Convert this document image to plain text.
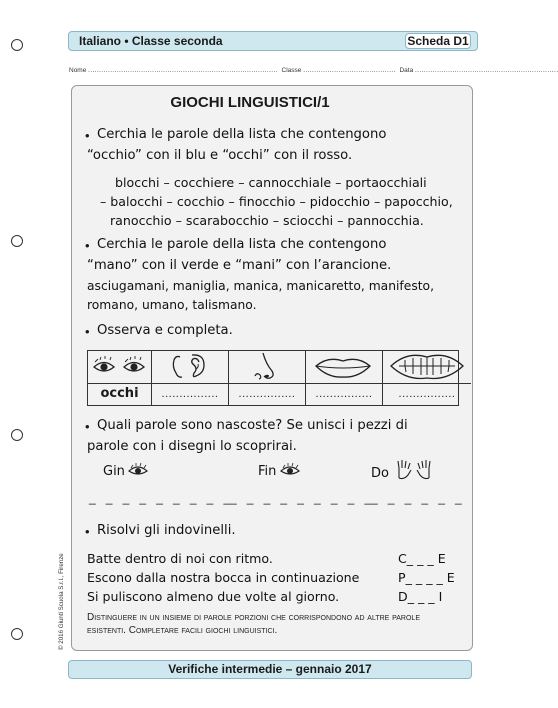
Italiano • Classe seconda	Scheda D1
Nome ...................................................................................... Classe .......................................... Data .................................................................
GIOCHI LINGUISTICI/1
• Cerchia le parole della lista che contengono
“occhio” con il blu e “occhi” con il rosso.
blocchi – cocchiere – cannocchiale – portaocchiali
– balocchi – cocchio – finocchio – pidocchio – papocchio,
ranocchio – scarabocchio – sciocchi – pannocchia.
• Cerchia le parole della lista che contengono
“mano” con il verde e “mani” con l’arancione.
asciugamani, maniglia, manica, manicaretto, manifesto,
romano, umano, talismano.
• Osserva e completa.
occhi	................	................	................	................
• Quali parole sono nascoste? Se unisci i pezzi di
parole con i disegni lo scoprirai.
Gin
_ _ _ _ _ _ _ _ _
Fin
_ _ _ _ _ _ _ _ _
Do
_ _ _ _ _ _
• Risolvi gli indovinelli.
Batte dentro di noi con ritmo.	C_ _ _ E
Escono dalla nostra bocca in continuazione	P_ _ _ _ E
Si puliscono almeno due volte al giorno.	D_ _ _ I
Distinguere in un insieme di parole porzioni che corrispondono ad altre parole esistenti. Completare facili giochi linguistici.
Verifiche intermedie – gennaio 2017
© 2016 Giunti Scuola S.r.l., Firenze
